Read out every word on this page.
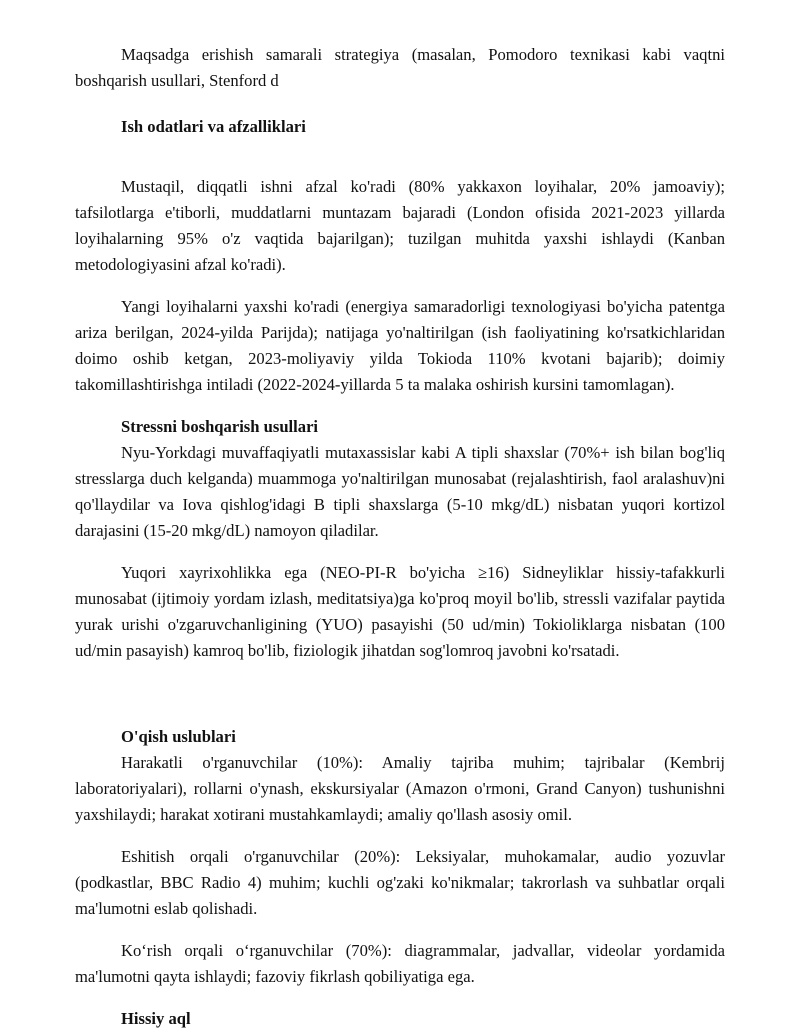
Maqsadga erishish samarali strategiya (masalan, Pomodoro texnikasi kabi vaqtni boshqarish usullari, Stenford d

Ish odatlari va afzalliklari

Mustaqil, diqqatli ishni afzal ko'radi (80% yakkaxon loyihalar, 20% jamoaviy); tafsilotlarga e'tiborli, muddatlarni muntazam bajaradi (London ofisida 2021-2023 yillarda loyihalarning 95% o'z vaqtida bajarilgan); tuzilgan muhitda yaxshi ishlaydi (Kanban metodologiyasini afzal ko'radi).

Yangi loyihalarni yaxshi ko'radi (energiya samaradorligi texnologiyasi bo'yicha patentga ariza berilgan, 2024-yilda Parijda); natijaga yo'naltirilgan (ish faoliyatining ko'rsatkichlaridan doimo oshib ketgan, 2023-moliyaviy yilda Tokioda 110% kvotani bajarib); doimiy takomillashtirishga intiladi (2022-2024-yillarda 5 ta malaka oshirish kursini tamomlagan).

Stressni boshqarish usullari

Nyu-Yorkdagi muvaffaqiyatli mutaxassislar kabi A tipli shaxslar (70%+ ish bilan bog'liq stresslarga duch kelganda) muammoga yo'naltirilgan munosabat (rejalashtirish, faol aralashuv)ni qo'llaydilar va Iova qishlog'idagi B tipli shaxslarga (5-10 mkg/dL) nisbatan yuqori kortizol darajasini (15-20 mkg/dL) namoyon qiladilar.

Yuqori xayrixohlikka ega (NEO-PI-R bo'yicha ≥16) Sidneyliklar hissiy-tafakkurli munosabat (ijtimoiy yordam izlash, meditatsiya)ga ko'proq moyil bo'lib, stressli vazifalar paytida yurak urishi o'zgaruvchanligining (YUO) pasayishi (50 ud/min) Tokioliklarga nisbatan (100 ud/min pasayish) kamroq bo'lib, fiziologik jihatdan sog'lomroq javobni ko'rsatadi.

O'qish uslublari

Harakatli o'rganuvchilar (10%): Amaliy tajriba muhim; tajribalar (Kembrij laboratoriyalari), rollarni o'ynash, ekskursiyalar (Amazon o'rmoni, Grand Canyon) tushunishni yaxshilaydi; harakat xotirani mustahkamlaydi; amaliy qo'llash asosiy omil.

Eshitish orqali o'rganuvchilar (20%): Leksiyalar, muhokamalar, audio yozuvlar (podkastlar, BBC Radio 4) muhim; kuchli og'zaki ko'nikmalar; takrorlash va suhbatlar orqali ma'lumotni eslab qolishadi.

Ko‘rish orqali o‘rganuvchilar (70%): diagrammalar, jadvallar, videolar yordamida ma'lumotni qayta ishlaydi; fazoviy fikrlash qobiliyatiga ega.

Hissiy aql
